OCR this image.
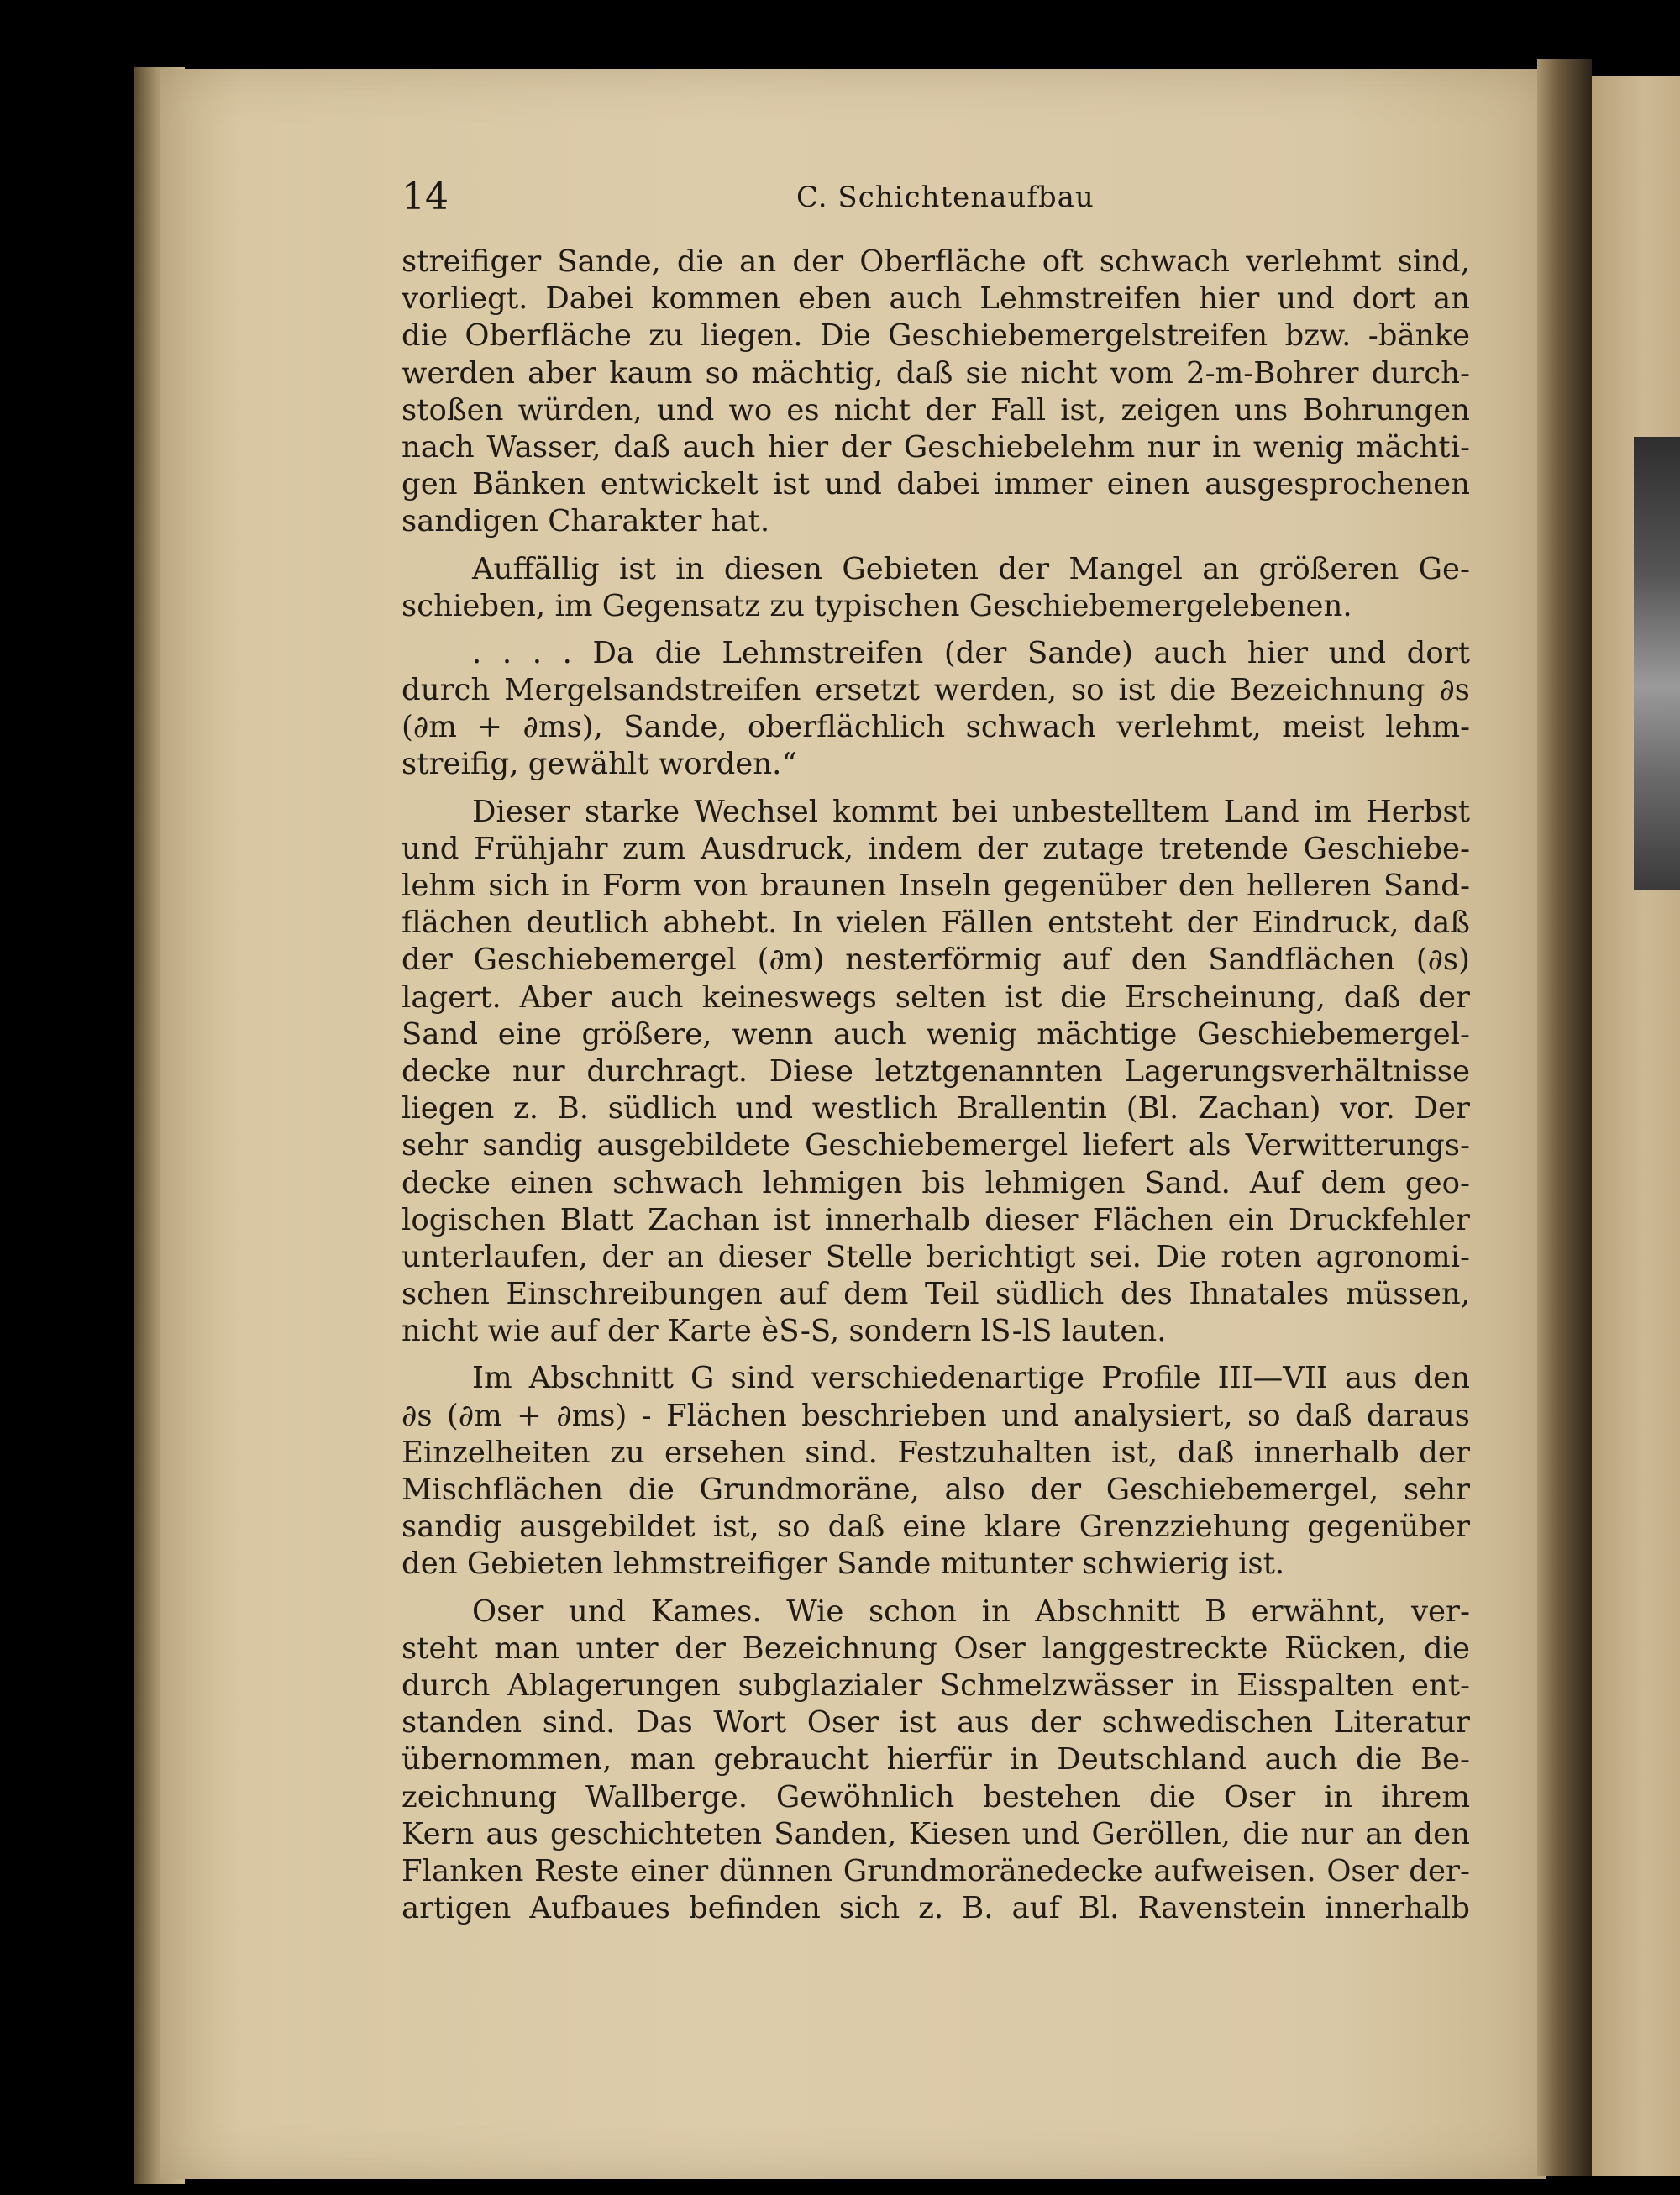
14	C. Schichtenaufbau
streifiger Sande, die an der Oberfläche oft schwach verlehmt sind,
vorliegt. Dabei kommen eben auch Lehmstreifen hier und dort an
die Oberfläche zu liegen. Die Geschiebemergelstreifen bzw. -bänke
werden aber kaum so mächtig, daß sie nicht vom 2-m-Bohrer durch-
stoßen würden, und wo es nicht der Fall ist, zeigen uns Bohrungen
nach Wasser, daß auch hier der Geschiebelehm nur in wenig mächti-
gen Bänken entwickelt ist und dabei immer einen ausgesprochenen
sandigen Charakter hat.
Auffällig ist in diesen Gebieten der Mangel an größeren Ge-
schieben, im Gegensatz zu typischen Geschiebemergelebenen.
. . . . Da die Lehmstreifen (der Sande) auch hier und dort
durch Mergelsandstreifen ersetzt werden, so ist die Bezeichnung ∂s
(∂m + ∂ms), Sande, oberflächlich schwach verlehmt, meist lehm-
streifig, gewählt worden.“
Dieser starke Wechsel kommt bei unbestelltem Land im Herbst
und Frühjahr zum Ausdruck, indem der zutage tretende Geschiebe-
lehm sich in Form von braunen Inseln gegenüber den helleren Sand-
flächen deutlich abhebt. In vielen Fällen entsteht der Eindruck, daß
der Geschiebemergel (∂m) nesterförmig auf den Sandflächen (∂s)
lagert. Aber auch keineswegs selten ist die Erscheinung, daß der
Sand eine größere, wenn auch wenig mächtige Geschiebemergel-
decke nur durchragt. Diese letztgenannten Lagerungsverhältnisse
liegen z. B. südlich und westlich Brallentin (Bl. Zachan) vor. Der
sehr sandig ausgebildete Geschiebemergel liefert als Verwitterungs-
decke einen schwach lehmigen bis lehmigen Sand. Auf dem geo-
logischen Blatt Zachan ist innerhalb dieser Flächen ein Druckfehler
unterlaufen, der an dieser Stelle berichtigt sei. Die roten agronomi-
schen Einschreibungen auf dem Teil südlich des Ihnatales müssen,
nicht wie auf der Karte èS-S, sondern lS-lS lauten.
Im Abschnitt G sind verschiedenartige Profile III—VII aus den
∂s (∂m + ∂ms) - Flächen beschrieben und analysiert, so daß daraus
Einzelheiten zu ersehen sind. Festzuhalten ist, daß innerhalb der
Mischflächen die Grundmoräne, also der Geschiebemergel, sehr
sandig ausgebildet ist, so daß eine klare Grenzziehung gegenüber
den Gebieten lehmstreifiger Sande mitunter schwierig ist.
Oser und Kames. Wie schon in Abschnitt B erwähnt, ver-
steht man unter der Bezeichnung Oser langgestreckte Rücken, die
durch Ablagerungen subglazialer Schmelzwässer in Eisspalten ent-
standen sind. Das Wort Oser ist aus der schwedischen Literatur
übernommen, man gebraucht hierfür in Deutschland auch die Be-
zeichnung Wallberge. Gewöhnlich bestehen die Oser in ihrem
Kern aus geschichteten Sanden, Kiesen und Geröllen, die nur an den
Flanken Reste einer dünnen Grundmoränedecke aufweisen. Oser der-
artigen Aufbaues befinden sich z. B. auf Bl. Ravenstein innerhalb
